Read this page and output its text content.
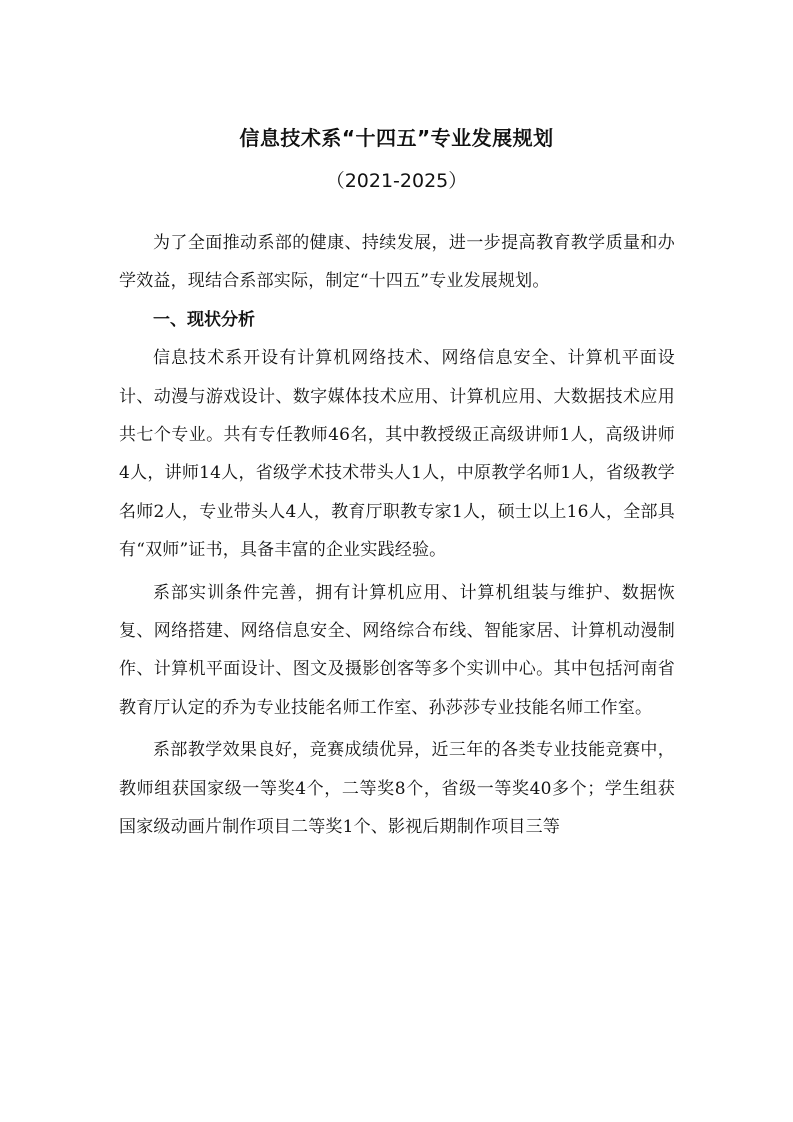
信息技术系“十四五”专业发展规划
（2021-2025）

为了全面推动系部的健康、持续发展，进一步提高教育教学质量和办学效益，现结合系部实际，制定“十四五”专业发展规划。

一、现状分析

信息技术系开设有计算机网络技术、网络信息安全、计算机平面设计、动漫与游戏设计、数字媒体技术应用、计算机应用、大数据技术应用共七个专业。共有专任教师46名，其中教授级正高级讲师1人，高级讲师4人，讲师14人，省级学术技术带头人1人，中原教学名师1人，省级教学名师2人，专业带头人4人，教育厅职教专家1人，硕士以上16人，全部具有“双师”证书，具备丰富的企业实践经验。

系部实训条件完善，拥有计算机应用、计算机组装与维护、数据恢复、网络搭建、网络信息安全、网络综合布线、智能家居、计算机动漫制作、计算机平面设计、图文及摄影创客等多个实训中心。其中包括河南省教育厅认定的乔为专业技能名师工作室、孙莎莎专业技能名师工作室。

系部教学效果良好，竞赛成绩优异，近三年的各类专业技能竞赛中，教师组获国家级一等奖4个，二等奖8个，省级一等奖40多个；学生组获国家级动画片制作项目二等奖1个、影视后期制作项目三等
